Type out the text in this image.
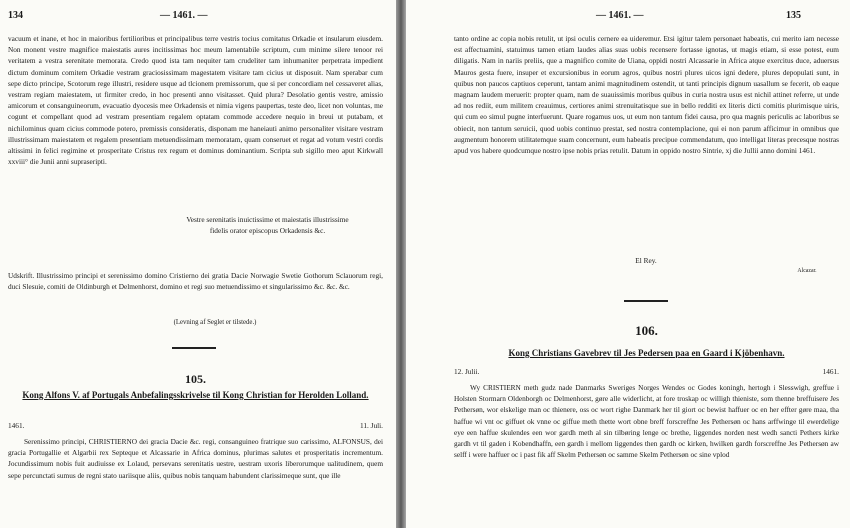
134	— 1461. —

vacuum et inane, et hoc in maioribus fertilioribus et principalibus terre vestris tocius comitatus Orkadie et insularum eiusdem. Non monent vestre magnifice maiestatis aures incitissimas hoc meum lamentabile scriptum, cum minime silere tenoor rei veritatem a vestra serenitate memorata. Credo quod ista tam nequiter tam crudeliter tam inhumaniter perpetrata impedient dictum dominum comitem Orkadie vestram graciosissimam magestatem visitare tam cicius ut disposuit. Nam sperabar cum sepe dicto principe, Scotorum rege illustri, residere usque ad tlcionem premissorum, que si per concordiam nel cessaveret alias, vestram regiam maiestatem, ut firmiter credo, in hoc presenti anno visitasset. Quid plura? Desolatio gentis vestre, amissio amicorum et consanguineorum, evacuatio dyocesis mee Orkadensis et nimia vigens paupertas, teste deo, licet non voluntas, me cogunt et compellant quod ad vestram presentiam regalem optatam commode accedere nequio in breui ut putabam, et nichilominus quam cicius commode potero, premissis consideratis, disponam me haneiauti animo personaliter visitare vestram illustrissimam maiestatem et regalem presentiam metuendissimam memoratam, quam conseruet et regat ad votum vestri cordis altissimi in felici regimine et prosperitate Cristus rex regum et dominus dominantium. Scripta sub sigillo meo aput Kirkwall xxviii° die Junii anni supraseripti.

Vestre serenitatis inuictissime et maiestatis illustrissime
fidelis orator episcopus Orkadensis &c.

Udskrift. Illustrissimo principi et serenissimo domino Cristierno dei gratia Dacie Norwagie Swetie Gothorum Sclauorum regi, duci Slesuie, comiti de Oldinburgh et Delmenhorst, domino et regi suo metuendissimo et singularissimo &c. &c. &c.

(Levning af Seglet er tilstede.)
105.
Kong Alfons V. af Portugals Anbefalingsskrivelse til Kong Christian for Herolden Lolland.
1461.	11. Juli.

Serenissimo principi, CHRISTIERNO dei gracia Dacie &c. regi, consanguineo fratrique suo carissimo, ALFONSUS, dei gracia Portugallie et Algarbii rex Septeque et Alcassarie in Africa dominus, plurimas salutes et prosperitatis incrementum. Jocundissimum nobis fuit audiuisse ex Lolaud, persevans serenitatis uestre, uestram uxoris liberorumque ualitudinem, quem sepe percunctati sumus de regni stato uariisque aliis, quibus nobis tanquam habundent clarissimeque sunt, que ille

— 1461. —	135

tanto ordine ac copia nobis retulit, ut ipsi oculis cernere ea uideremur. Etsi igitur talem personaet habeatis, cui merito iam necesse est affectuamini, statuimus tamen etiam laudes alias suas uobis recensere fortasse ignotas, ut magis etiam, si esse potest, eum diligatis. Nam in nariis preliis, que a magnifico comite de Uiana, oppidi nostri Alcassarie in Africa atque exercitus duce, aduersus Mauros gesta fuere, insuper et excursionibus in eorum agros, quibus nostri plures uicos igni dedere, plures depopulati sunt, in quibus non paucos captiuos ceperunt, tantam animi magnitudinem ostendit, ut tanti principis dignum uasallum se fecerit, ob eaque magnam laudem meruerit: propter quam, nam de suauissimis moribus quibus in curia nostra usus est nichil attinet referre, ut unde ad nos rediit, eum militem creauimus, certiores animi strenuitatisque sue in bello redditi ex literis dicti comitis plurimisque uiris, qui cum eo simul pugne interfuerunt. Quare rogamus uos, ut eum non tantum fidei causa, pro qua magnis periculis ac laboribus se obiecit, non tantum seruicii, quod uobis continuo prestat, sed nostra contemplacione, qui ei non parum afficimur in omnibus que augmentum honorem utilitatemque suam concernunt, eum habeatis precipue commendatum, quo intelligat literas precesque nostras apud vos habere quodcumque nostro ipse nobis prias retulit. Datum in oppido nostro Sintrie, xj die Jullii anno domini 1461.

El Rey.
Alcazar.
106.
Kong Christians Gavebrev til Jes Pedersen paa en Gaard i Kjöbenhavn.
12. Julii.	1461.

Wy CRISTIERN meth gudz nade Danmarks Sweriges Norges Wendes oc Godes koningh, hertogh i Slesswigh, greffue i Holsten Stormarn Oldenborgh oc Delmenhorst, gøre alle widerlicht, at fore troskap oc willigh thieniste, som thenne breffuisere Jes Pethersøn, wor elskelige man oc thienere, oss oc wort righe Danmark her til giort oc bewist haffuer oc en her effter gøre maa, tha haffue wi vnt oc giffuet ok vnne oc giffue meth thette wort obne breff forscreffne Jes Pethersøn oc hans arffwinge til ewerdelige eye een haffue skulendes een wor gardh meth al sin tilbøring lenge oc brethe, liggendes norden nest wedh sancti Pethers kirke gardh vt til gaden i Kobendhaffn, een gardh i mellom liggendes then gardh oc kirken, hwilken gardh forscreffne Jes Pethersøn aw selff i were haffuer oc i past fik aff Skelm Pethersøn oc samme Skelm Pethersøn oc sine vplod
